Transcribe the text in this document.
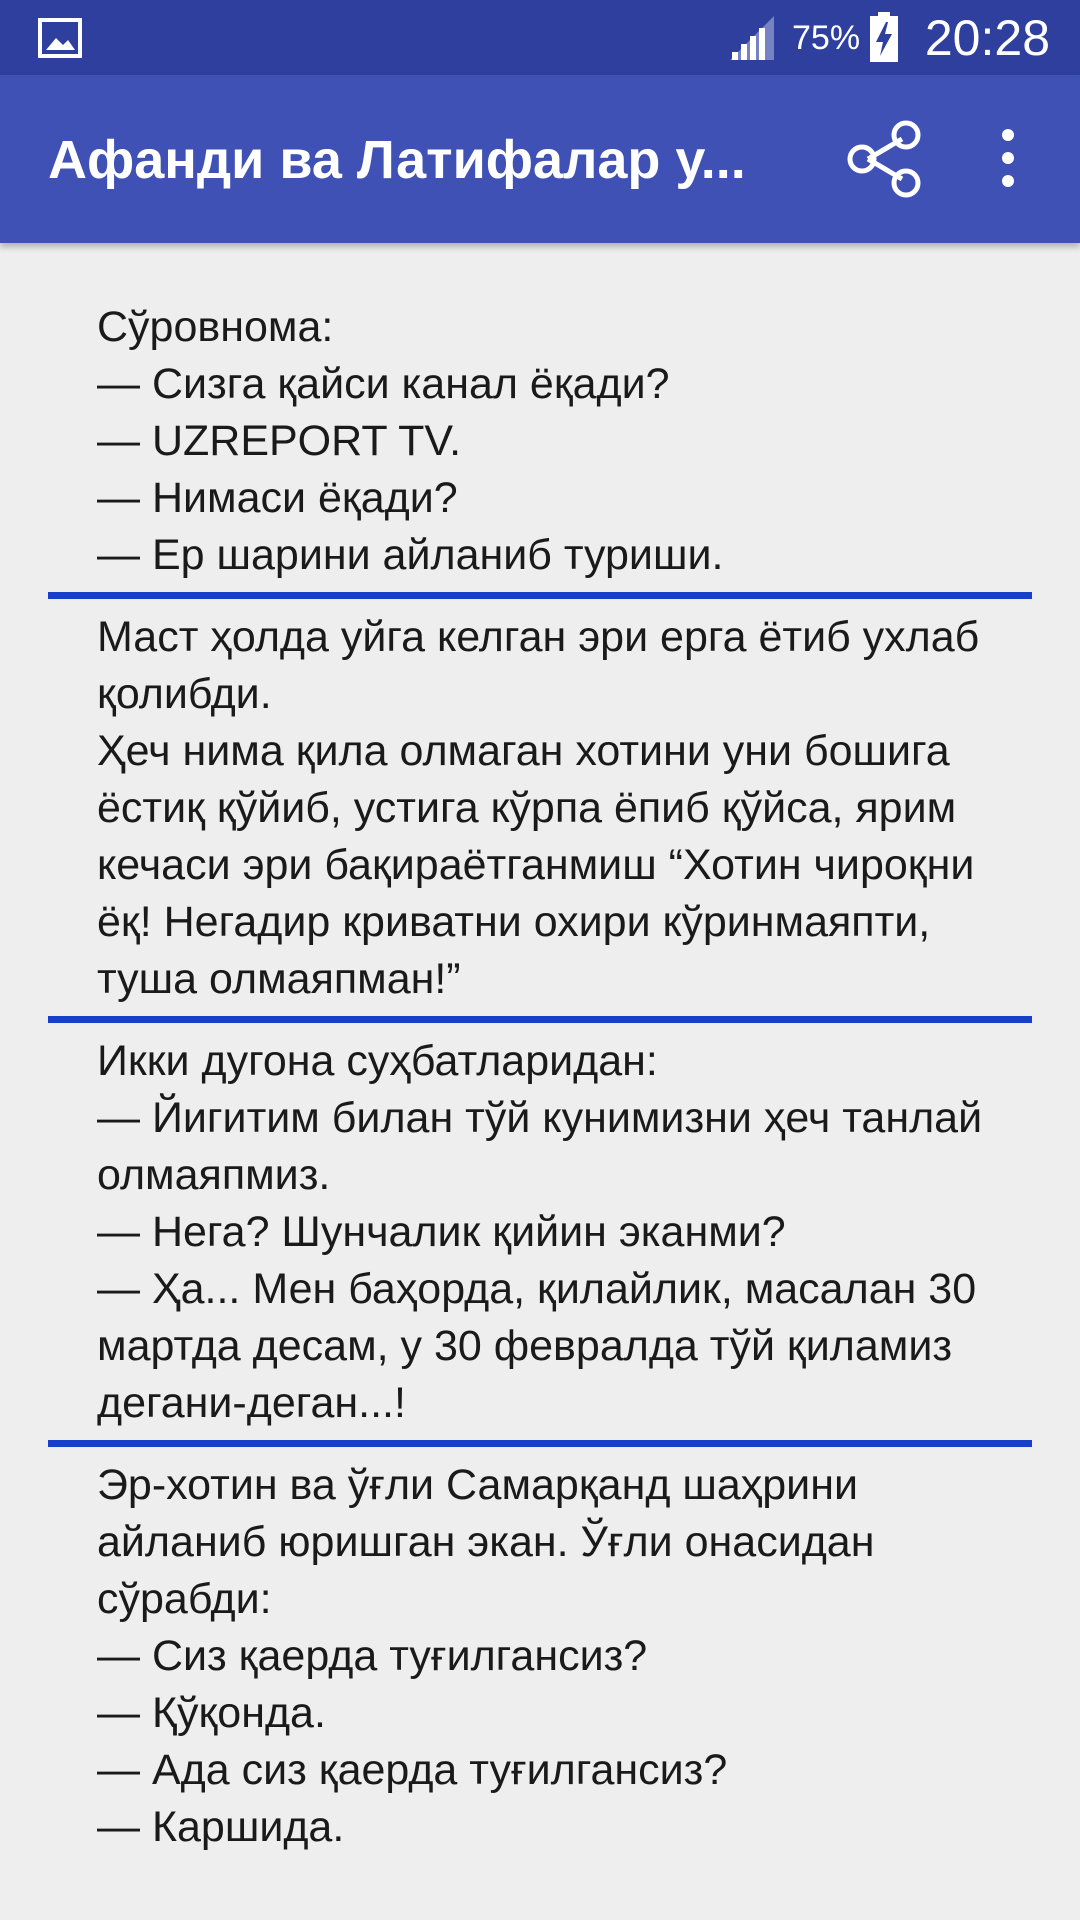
75% 20:28
Афанди ва Латифалар у...
Сўровнома:
— Сизга қайси канал ёқади?
— UZREPORT TV.
— Нимаси ёқади?
— Ер шарини айланиб туриши.
Маст ҳолда уйга келган эри ерга ётиб ухлаб қолибди.
Ҳеч нима қила олмаган хотини уни бошига ёстиқ қўйиб, устига кўрпа ёпиб қўйса, ярим кечаси эри бақираётганмиш “Хотин чироқни ёқ! Негадир криватни охири кўринмаяпти, туша олмаяпман!”
Икки дугона суҳбатларидан:
— Йигитим билан тўй кунимизни ҳеч танлай олмаяпмиз.
— Нега? Шунчалик қийин эканми?
— Ҳа... Мен баҳорда, қилайлик, масалан 30 мартда десам, у 30 февралда тўй қиламиз дегани-деган...!
Эр-хотин ва ўғли Самарқанд шаҳрини айланиб юришган экан. Ўғли онасидан сўрабди:
— Сиз қаерда туғилгансиз?
— Қўқонда.
— Ада сиз қаерда туғилгансиз?
— Каршида.
